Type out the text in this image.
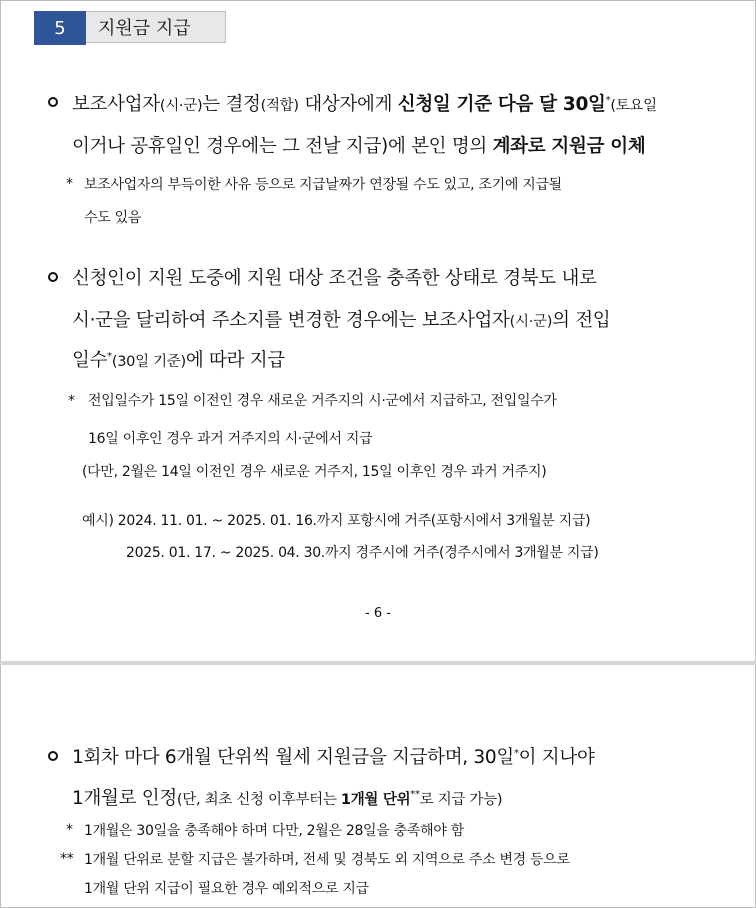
5	지원금 지급
보조사업자(시·군)는 결정(적합) 대상자에게 신청일 기준 다음 달 30일*(토요일
이거나 공휴일인 경우에는 그 전날 지급)에 본인 명의 계좌로 지원금 이체
* 보조사업자의 부득이한 사유 등으로 지급날짜가 연장될 수도 있고, 조기에 지급될
수도 있음
신청인이 지원 도중에 지원 대상 조건을 충족한 상태로 경북도 내로
시·군을 달리하여 주소지를 변경한 경우에는 보조사업자(시·군)의 전입
일수*(30일 기준)에 따라 지급
* 전입일수가 15일 이전인 경우 새로운 거주지의 시·군에서 지급하고, 전입일수가
16일 이후인 경우 과거 거주지의 시·군에서 지급
(다만, 2월은 14일 이전인 경우 새로운 거주지, 15일 이후인 경우 과거 거주지)
예시) 2024. 11. 01. ~ 2025. 01. 16.까지 포항시에 거주(포항시에서 3개월분 지급)
2025. 01. 17. ~ 2025. 04. 30.까지 경주시에 거주(경주시에서 3개월분 지급)
- 6 -
1회차 마다 6개월 단위씩 월세 지원금을 지급하며, 30일*이 지나야
1개월로 인정(단, 최초 신청 이후부터는 1개월 단위**로 지급 가능)
* 1개월은 30일을 충족해야 하며 다만, 2월은 28일을 충족해야 함
** 1개월 단위로 분할 지급은 불가하며, 전세 및 경북도 외 지역으로 주소 변경 등으로
1개월 단위 지급이 필요한 경우 예외적으로 지급
